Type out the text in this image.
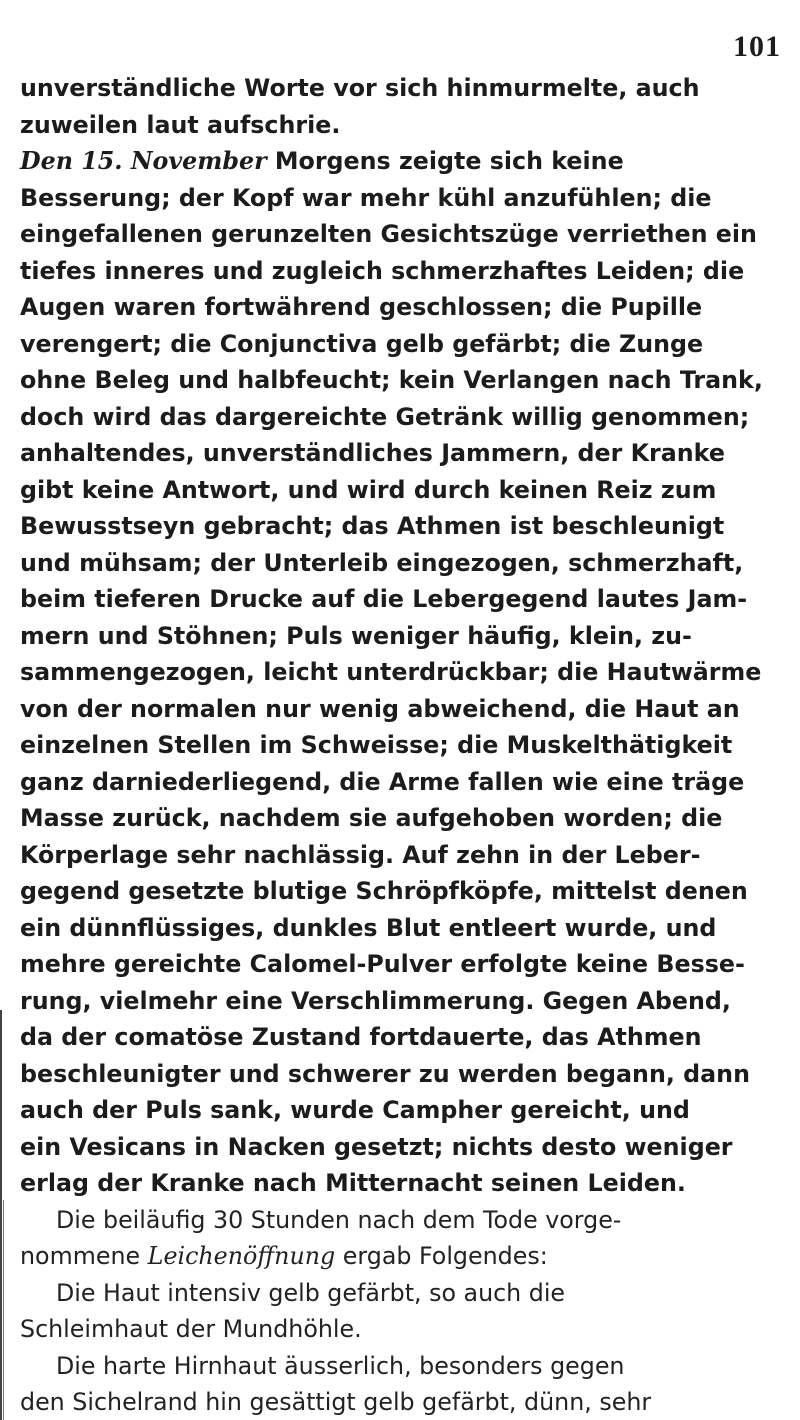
101
unverständliche Worte vor sich hinmurmelte, auch
zuweilen laut aufschrie.
Den 15. November Morgens zeigte sich keine
Besserung; der Kopf war mehr kühl anzufühlen; die
eingefallenen gerunzelten Gesichtszüge verriethen ein
tiefes inneres und zugleich schmerzhaftes Leiden; die
Augen waren fortwährend geschlossen; die Pupille
verengert; die Conjunctiva gelb gefärbt; die Zunge
ohne Beleg und halbfeucht; kein Verlangen nach Trank,
doch wird das dargereichte Getränk willig genommen;
anhaltendes, unverständliches Jammern, der Kranke
gibt keine Antwort, und wird durch keinen Reiz zum
Bewusstseyn gebracht; das Athmen ist beschleunigt
und mühsam; der Unterleib eingezogen, schmerzhaft,
beim tieferen Drucke auf die Lebergegend lautes Jam-
mern und Stöhnen; Puls weniger häufig, klein, zu-
sammengezogen, leicht unterdrückbar; die Hautwärme
von der normalen nur wenig abweichend, die Haut an
einzelnen Stellen im Schweisse; die Muskelthätigkeit
ganz darniederliegend, die Arme fallen wie eine träge
Masse zurück, nachdem sie aufgehoben worden; die
Körperlage sehr nachlässig. Auf zehn in der Leber-
gegend gesetzte blutige Schröpfköpfe, mittelst denen
ein dünnflüssiges, dunkles Blut entleert wurde, und
mehre gereichte Calomel-Pulver erfolgte keine Besse-
rung, vielmehr eine Verschlimmerung. Gegen Abend,
da der comatöse Zustand fortdauerte, das Athmen
beschleunigter und schwerer zu werden begann, dann
auch der Puls sank, wurde Campher gereicht, und
ein Vesicans in Nacken gesetzt; nichts desto weniger
erlag der Kranke nach Mitternacht seinen Leiden.
Die beiläufig 30 Stunden nach dem Tode vorge-
nommene Leichenöffnung ergab Folgendes:
Die Haut intensiv gelb gefärbt, so auch die
Schleimhaut der Mundhöhle.
Die harte Hirnhaut äusserlich, besonders gegen
den Sichelrand hin gesättigt gelb gefärbt, dünn, sehr
